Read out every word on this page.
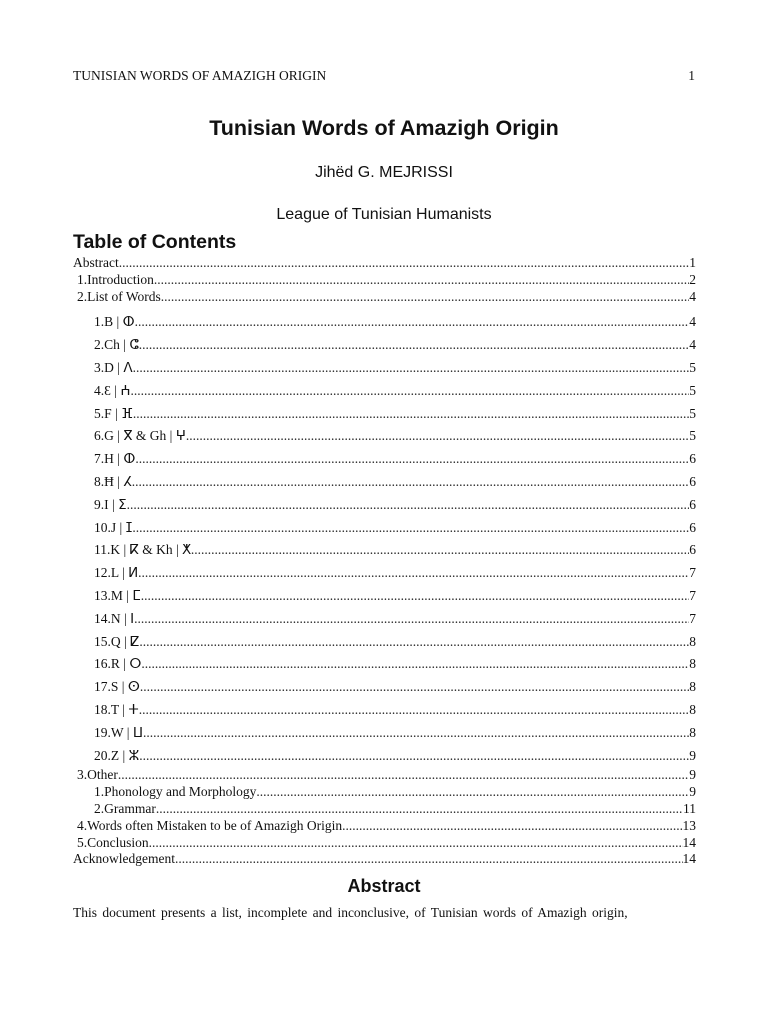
TUNISIAN WORDS OF AMAZIGH ORIGIN	1
Tunisian Words of Amazigh Origin
Jihëd G. MEJRISSI
League of Tunisian Humanists
Table of Contents
Abstract .....	1
1.Introduction .....	2
2.List of Words .....	4
1.B | ⵀ .....	4
2.Ch | ⵛ .....	4
3.D | ⴷ .....	5
4.Ɛ | ⵄ .....	5
5.F | ⴼ .....	5
6.G | ⴳ & Gh | ⵖ .....	5
7.H | ⵀ .....	6
8.Ħ | ⵃ .....	6
9.I | ⵉ .....	6
10.J | ⵊ .....	6
11.K | ⴽ & Kh | ⵅ .....	6
12.L | ⵍ .....	7
13.M | ⵎ .....	7
14.N | ⵏ .....	7
15.Q | ⵇ .....	8
16.R | ⵔ .....	8
17.S | ⵙ .....	8
18.T | ⵜ .....	8
19.W | ⵡ .....	8
20.Z | ⵣ .....	9
3.Other .....	9
1.Phonology and Morphology .....	9
2.Grammar .....	11
4.Words often Mistaken to be of Amazigh Origin .....	13
5.Conclusion .....	14
Acknowledgement .....	14
Abstract
This document presents a list, incomplete and inconclusive, of Tunisian words of Amazigh origin,
